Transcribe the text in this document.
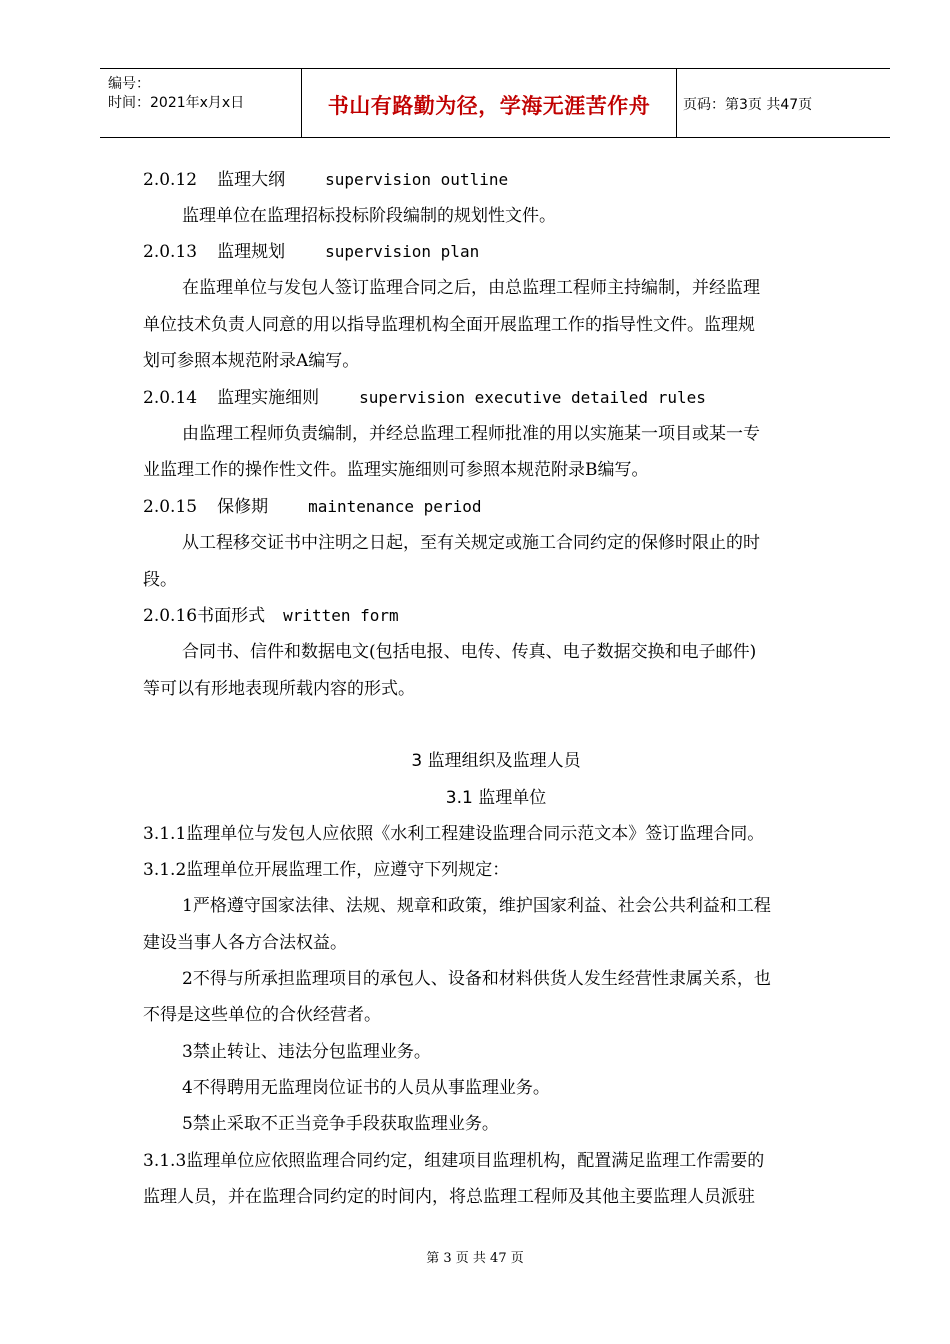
编号：
时间：2021年x月x日	书山有路勤为径，学海无涯苦作舟	页码：第3页 共47页
2.0.12 监理大纲	supervision outline
监理单位在监理招标投标阶段编制的规划性文件。
2.0.13 监理规划	supervision plan
在监理单位与发包人签订监理合同之后，由总监理工程师主持编制，并经监理
单位技术负责人同意的用以指导监理机构全面开展监理工作的指导性文件。监理规
划可参照本规范附录A编写。
2.0.14 监理实施细则	supervision executive detailed rules
由监理工程师负责编制，并经总监理工程师批准的用以实施某一项目或某一专
业监理工作的操作性文件。监理实施细则可参照本规范附录B编写。
2.0.15 保修期	maintenance period
从工程移交证书中注明之日起，至有关规定或施工合同约定的保修时限止的时
段。
2.0.16书面形式 written form
合同书、信件和数据电文(包括电报、电传、传真、电子数据交换和电子邮件)
等可以有形地表现所载内容的形式。
3 监理组织及监理人员
3.1 监理单位
3.1.1监理单位与发包人应依照《水利工程建设监理合同示范文本》签订监理合同。
3.1.2监理单位开展监理工作，应遵守下列规定：
1严格遵守国家法律、法规、规章和政策，维护国家利益、社会公共利益和工程
建设当事人各方合法权益。
2不得与所承担监理项目的承包人、设备和材料供货人发生经营性隶属关系，也
不得是这些单位的合伙经营者。
3禁止转让、违法分包监理业务。
4不得聘用无监理岗位证书的人员从事监理业务。
5禁止采取不正当竞争手段获取监理业务。
3.1.3监理单位应依照监理合同约定，组建项目监理机构，配置满足监理工作需要的
监理人员，并在监理合同约定的时间内，将总监理工程师及其他主要监理人员派驻
第 3 页 共 47 页
